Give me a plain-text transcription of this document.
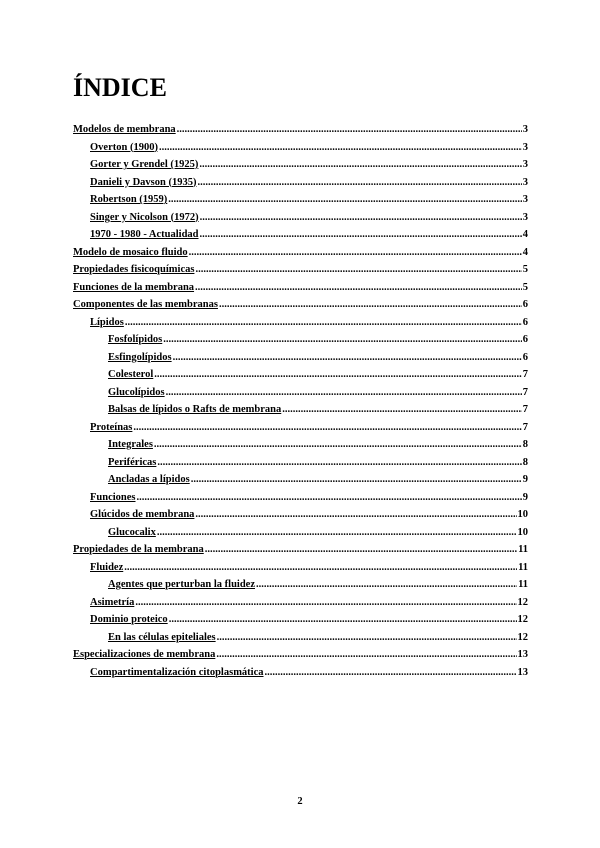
ÍNDICE
Modelos de membrana .....	3
Overton (1900) .....	3
Gorter y Grendel (1925) .....	3
Danieli y Davson (1935) .....	3
Robertson (1959) .....	3
Singer y Nicolson (1972) .....	3
1970 - 1980 - Actualidad .....	4
Modelo de mosaico fluido .....	4
Propiedades fisicoquímicas .....	5
Funciones de la membrana .....	5
Componentes de las membranas .....	6
Lípidos .....	6
Fosfolípidos .....	6
Esfingolípidos .....	6
Colesterol .....	7
Glucolípidos .....	7
Balsas de lípidos o Rafts de membrana .....	7
Proteínas .....	7
Integrales .....	8
Periféricas .....	8
Ancladas a lípidos .....	9
Funciones .....	9
Glúcidos de membrana .....	10
Glucocalix .....	10
Propiedades de la membrana .....	11
Fluidez .....	11
Agentes que perturban la fluidez .....	11
Asimetría .....	12
Dominio proteico .....	12
En las células epiteliales .....	12
Especializaciones de membrana .....	13
Compartimentalización citoplasmática .....	13
2
